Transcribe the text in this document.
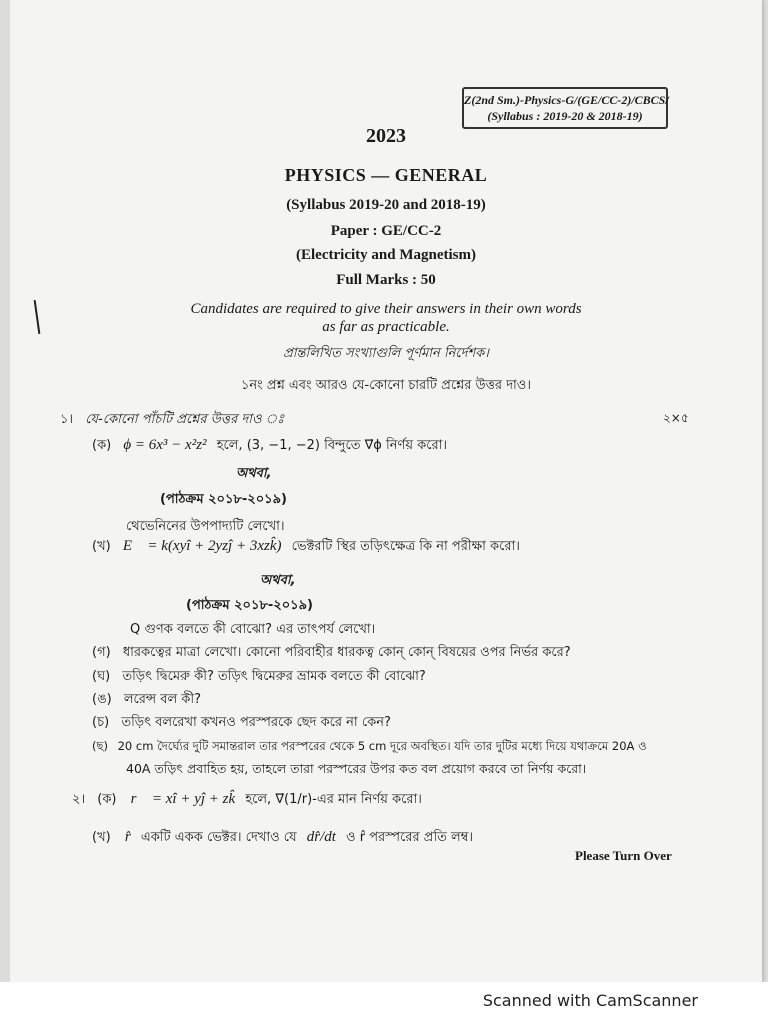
Z(2nd Sm.)-Physics-G/(GE/CC-2)/CBCS/
(Syllabus : 2019-20 & 2018-19)
2023
PHYSICS — GENERAL
(Syllabus 2019-20 and 2018-19)
Paper : GE/CC-2
(Electricity and Magnetism)
Full Marks : 50
Candidates are required to give their answers in their own words
as far as practicable.
প্রান্তলিখিত সংখ্যাগুলি পূর্ণমান নির্দেশক।
১নং প্রশ্ন এবং আরও যে-কোনো চারটি প্রশ্নের উত্তর দাও।
১। যে-কোনো পাঁচটি প্রশ্নের উত্তর দাও ঃ	২×৫
(ক) ϕ = 6x³ − x²z² হলে, (3, −1, −2) বিন্দুতে ∇⃗ϕ নির্ণয় করো।
অথবা,
(পাঠক্রম ২০১৮-২০১৯)
থেভেনিনের উপপাদ্যটি লেখো।
(খ) E⃗ = k(xyî + 2yzĵ + 3xzk̂) ভেক্টরটি স্থির তড়িৎক্ষেত্র কি না পরীক্ষা করো।
অথবা,
(পাঠক্রম ২০১৮-২০১৯)
Q গুণক বলতে কী বোঝো? এর তাৎপর্য লেখো।
(গ) ধারকত্বের মাত্রা লেখো। কোনো পরিবাহীর ধারকত্ব কোন্ কোন্ বিষয়ের ওপর নির্ভর করে?
(ঘ) তড়িৎ দ্বিমেরু কী? তড়িৎ দ্বিমেরুর ভ্রামক বলতে কী বোঝো?
(ঙ) লরেন্স বল কী?
(চ) তড়িৎ বলরেখা কখনও পরস্পরকে ছেদ করে না কেন?
(ছ) 20 cm দৈর্ঘ্যের দুটি সমান্তরাল তার পরস্পরের থেকে 5 cm দূরে অবস্থিত। যদি তার দুটির মধ্যে দিয়ে যথাক্রমে 20A ও
40A তড়িৎ প্রবাহিত হয়, তাহলে তারা পরস্পরের উপর কত বল প্রয়োগ করবে তা নির্ণয় করো।
২। (ক) r⃗ = xî + yĵ + zk̂ হলে, ∇⃗(1/r)-এর মান নির্ণয় করো।
(খ) r̂ একটি একক ভেক্টর। দেখাও যে dr̂/dt ও r̂ পরস্পরের প্রতি লম্ব।
Please Turn Over
Scanned with CamScanner
